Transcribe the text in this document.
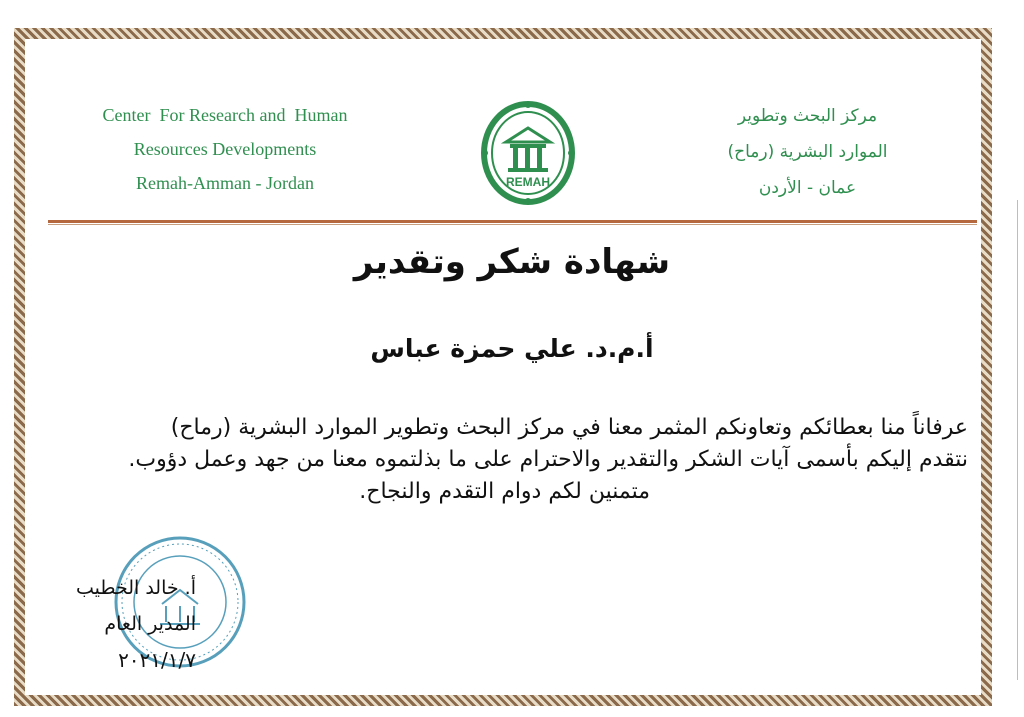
Center  For Research and  Human
Resources Developments
Remah-Amman - Jordan	REMAH
مركز البحث وتطوير
الموارد البشرية (رماح)
عمان - الأردن
شهادة شكر وتقدير
أ.م.د. علي حمزة عباس
عرفاناً منا بعطائكم وتعاونكم المثمر معنا في مركز البحث وتطوير الموارد البشرية (رماح)
نتقدم إليكم بأسمى آيات الشكر والتقدير والاحترام على ما بذلتموه معنا من جهد وعمل دؤوب.
متمنين لكم دوام التقدم والنجاح.
أ. خالد الخطيب
المدير العام
٢٠٢١/١/٧
